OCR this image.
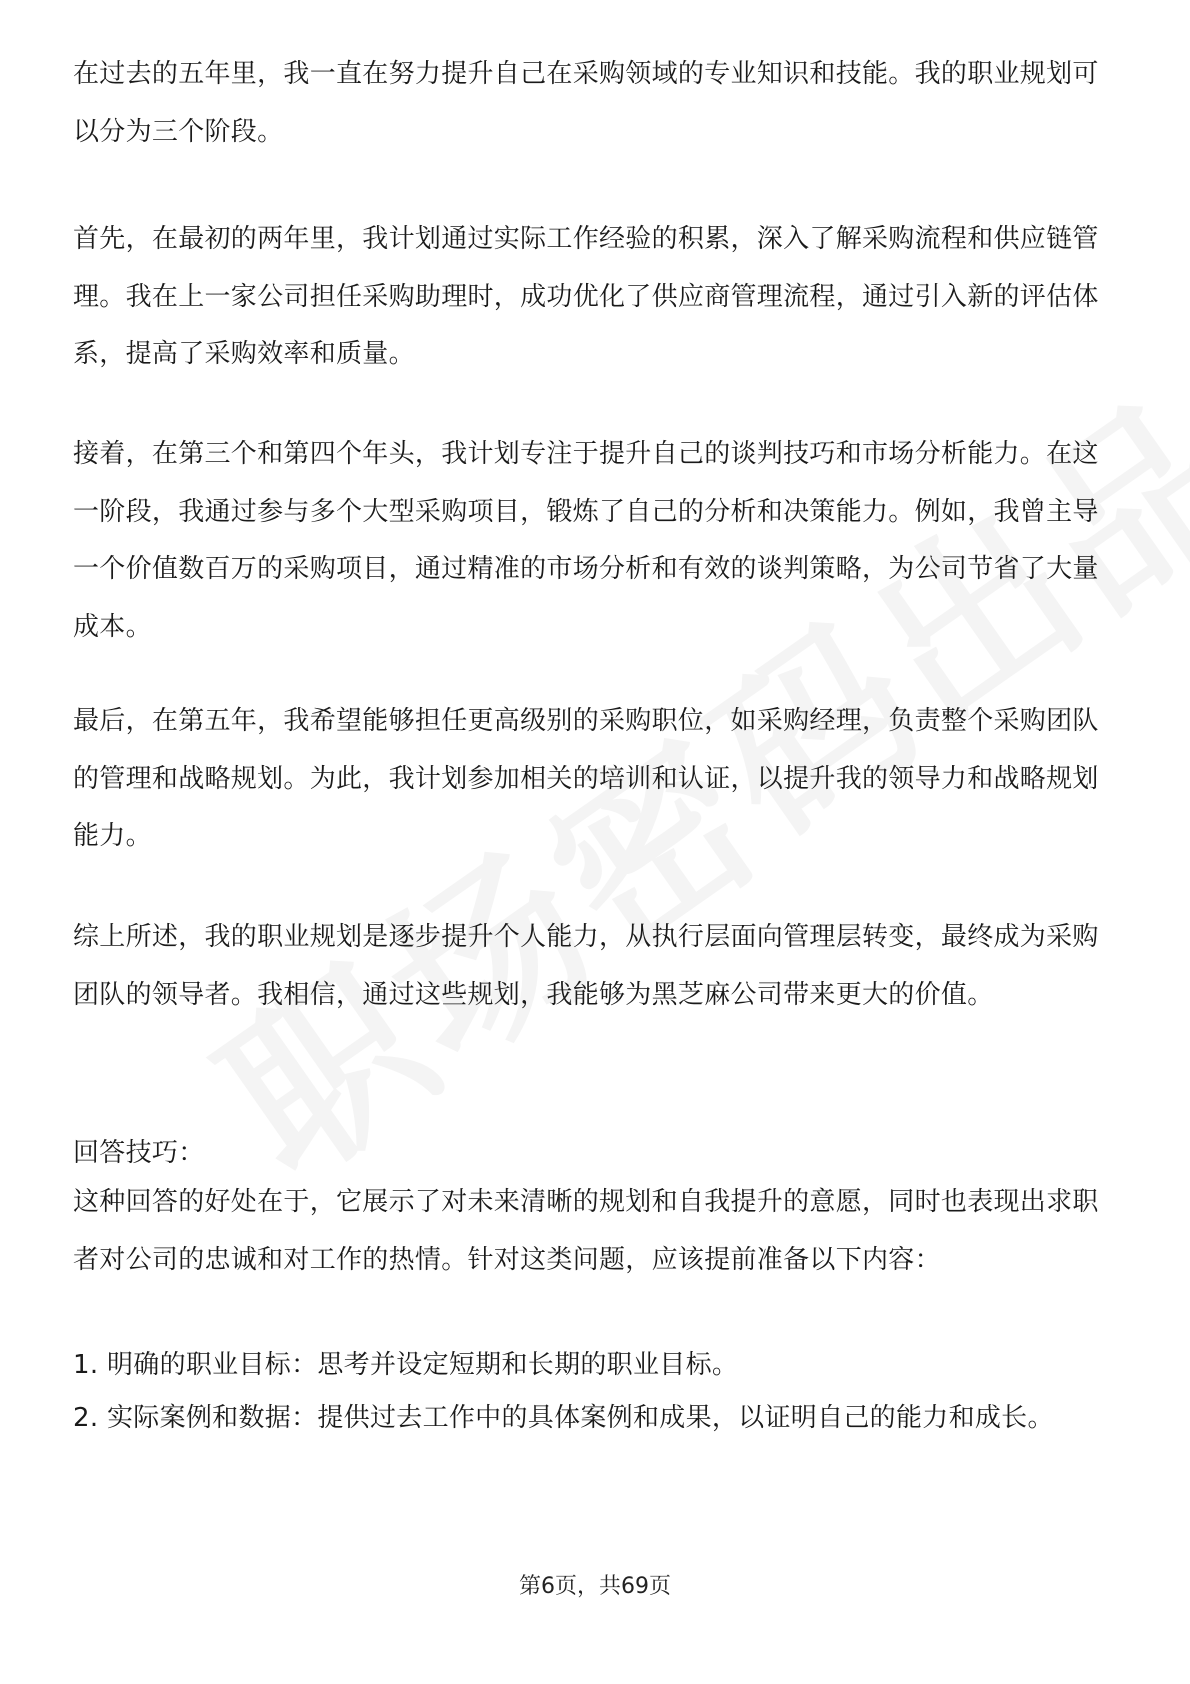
在过去的五年里，我一直在努力提升自己在采购领域的专业知识和技能。我的职业规划可以分为三个阶段。

首先，在最初的两年里，我计划通过实际工作经验的积累，深入了解采购流程和供应链管理。我在上一家公司担任采购助理时，成功优化了供应商管理流程，通过引入新的评估体系，提高了采购效率和质量。

接着，在第三个和第四个年头，我计划专注于提升自己的谈判技巧和市场分析能力。在这一阶段，我通过参与多个大型采购项目，锻炼了自己的分析和决策能力。例如，我曾主导一个价值数百万的采购项目，通过精准的市场分析和有效的谈判策略，为公司节省了大量成本。

最后，在第五年，我希望能够担任更高级别的采购职位，如采购经理，负责整个采购团队的管理和战略规划。为此，我计划参加相关的培训和认证，以提升我的领导力和战略规划能力。

综上所述，我的职业规划是逐步提升个人能力，从执行层面向管理层转变，最终成为采购团队的领导者。我相信，通过这些规划，我能够为黑芝麻公司带来更大的价值。

回答技巧：

这种回答的好处在于，它展示了对未来清晰的规划和自我提升的意愿，同时也表现出求职者对公司的忠诚和对工作的热情。针对这类问题，应该提前准备以下内容：

1. 明确的职业目标：思考并设定短期和长期的职业目标。

2. 实际案例和数据：提供过去工作中的具体案例和成果，以证明自己的能力和成长。

第6页，共69页
